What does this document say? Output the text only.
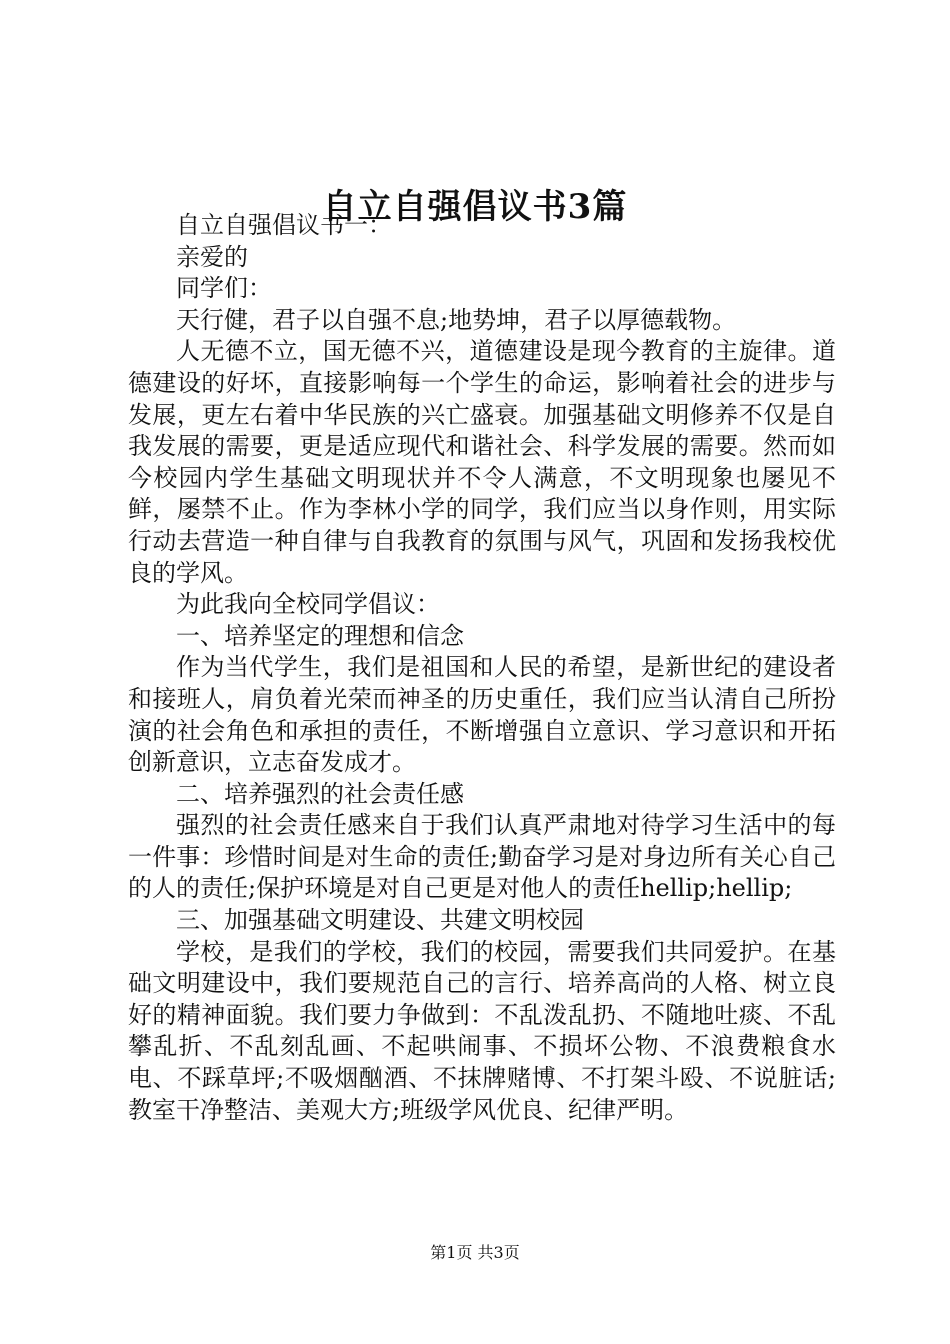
自立自强倡议书3篇

自立自强倡议书一：

亲爱的

同学们：

天行健，君子以自强不息;地势坤，君子以厚德载物。

人无德不立，国无德不兴，道德建设是现今教育的主旋律。道德建设的好坏，直接影响每一个学生的命运，影响着社会的进步与发展，更左右着中华民族的兴亡盛衰。加强基础文明修养不仅是自我发展的需要，更是适应现代和谐社会、科学发展的需要。然而如今校园内学生基础文明现状并不令人满意，不文明现象也屡见不鲜，屡禁不止。作为李林小学的同学，我们应当以身作则，用实际行动去营造一种自律与自我教育的氛围与风气，巩固和发扬我校优良的学风。

为此我向全校同学倡议：

一、培养坚定的理想和信念

作为当代学生，我们是祖国和人民的希望，是新世纪的建设者和接班人，肩负着光荣而神圣的历史重任，我们应当认清自己所扮演的社会角色和承担的责任，不断增强自立意识、学习意识和开拓创新意识，立志奋发成才。

二、培养强烈的社会责任感

强烈的社会责任感来自于我们认真严肃地对待学习生活中的每一件事：珍惜时间是对生命的责任;勤奋学习是对身边所有关心自己的人的责任;保护环境是对自己更是对他人的责任hellip;hellip;

三、加强基础文明建设、共建文明校园

学校，是我们的学校，我们的校园，需要我们共同爱护。在基础文明建设中，我们要规范自己的言行、培养高尚的人格、树立良好的精神面貌。我们要力争做到：不乱泼乱扔、不随地吐痰、不乱攀乱折、不乱刻乱画、不起哄闹事、不损坏公物、不浪费粮食水电、不踩草坪;不吸烟酗酒、不抹牌赌博、不打架斗殴、不说脏话;教室干净整洁、美观大方;班级学风优良、纪律严明。

第1页 共3页
